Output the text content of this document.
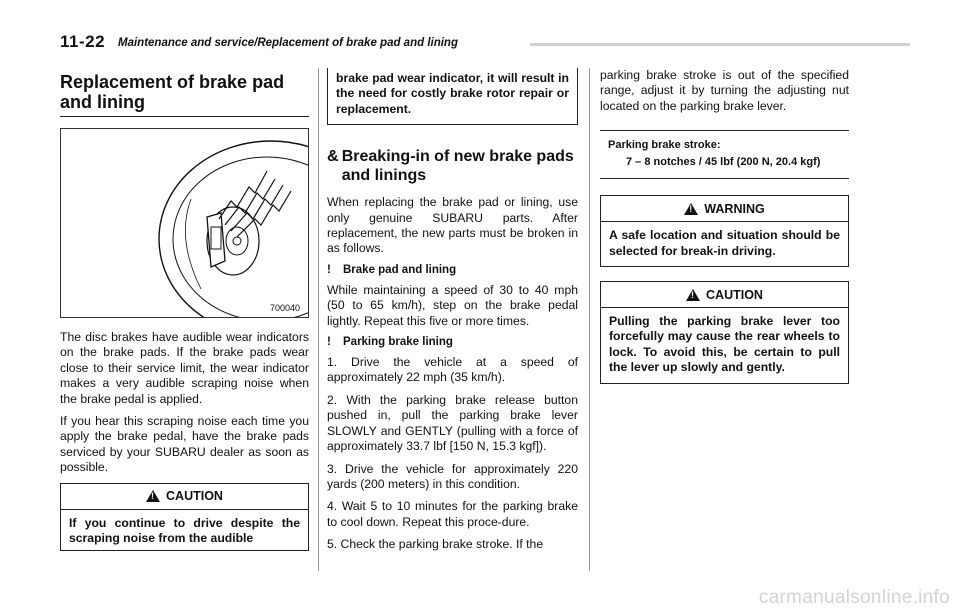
11-22 Maintenance and service/Replacement of brake pad and lining
Replacement of brake pad and lining
700040

The disc brakes have audible wear indicators on the brake pads. If the brake pads wear close to their service limit, the wear indicator makes a very audible scraping noise when the brake pedal is applied.

If you hear this scraping noise each time you apply the brake pedal, have the brake pads serviced by your SUBARU dealer as soon as possible.

!
CAUTION
If you continue to drive despite the scraping noise from the audible
brake pad wear indicator, it will result in the need for costly brake rotor repair or replacement.
& Breaking-in of new brake pads and linings

When replacing the brake pad or lining, use only genuine SUBARU parts. After replacement, the new parts must be broken in as follows.

! Brake pad and lining

While maintaining a speed of 30 to 40 mph (50 to 65 km/h), step on the brake pedal lightly. Repeat this five or more times.

! Parking brake lining

1. Drive the vehicle at a speed of approximately 22 mph (35 km/h).

2. With the parking brake release button pushed in, pull the parking brake lever SLOWLY and GENTLY (pulling with a force of approximately 33.7 lbf [150 N, 15.3 kgf]).

3. Drive the vehicle for approximately 220 yards (200 meters) in this condition.

4. Wait 5 to 10 minutes for the parking brake to cool down. Repeat this proce-dure.

5. Check the parking brake stroke. If the

parking brake stroke is out of the specified range, adjust it by turning the adjusting nut located on the parking brake lever.

Parking brake stroke:
7 – 8 notches / 45 lbf (200 N, 20.4 kgf)
!
WARNING
A safe location and situation should be selected for break-in driving.
!
CAUTION
Pulling the parking brake lever too forcefully may cause the rear wheels to lock. To avoid this, be certain to pull the lever up slowly and gently.
carmanualsonline.info
